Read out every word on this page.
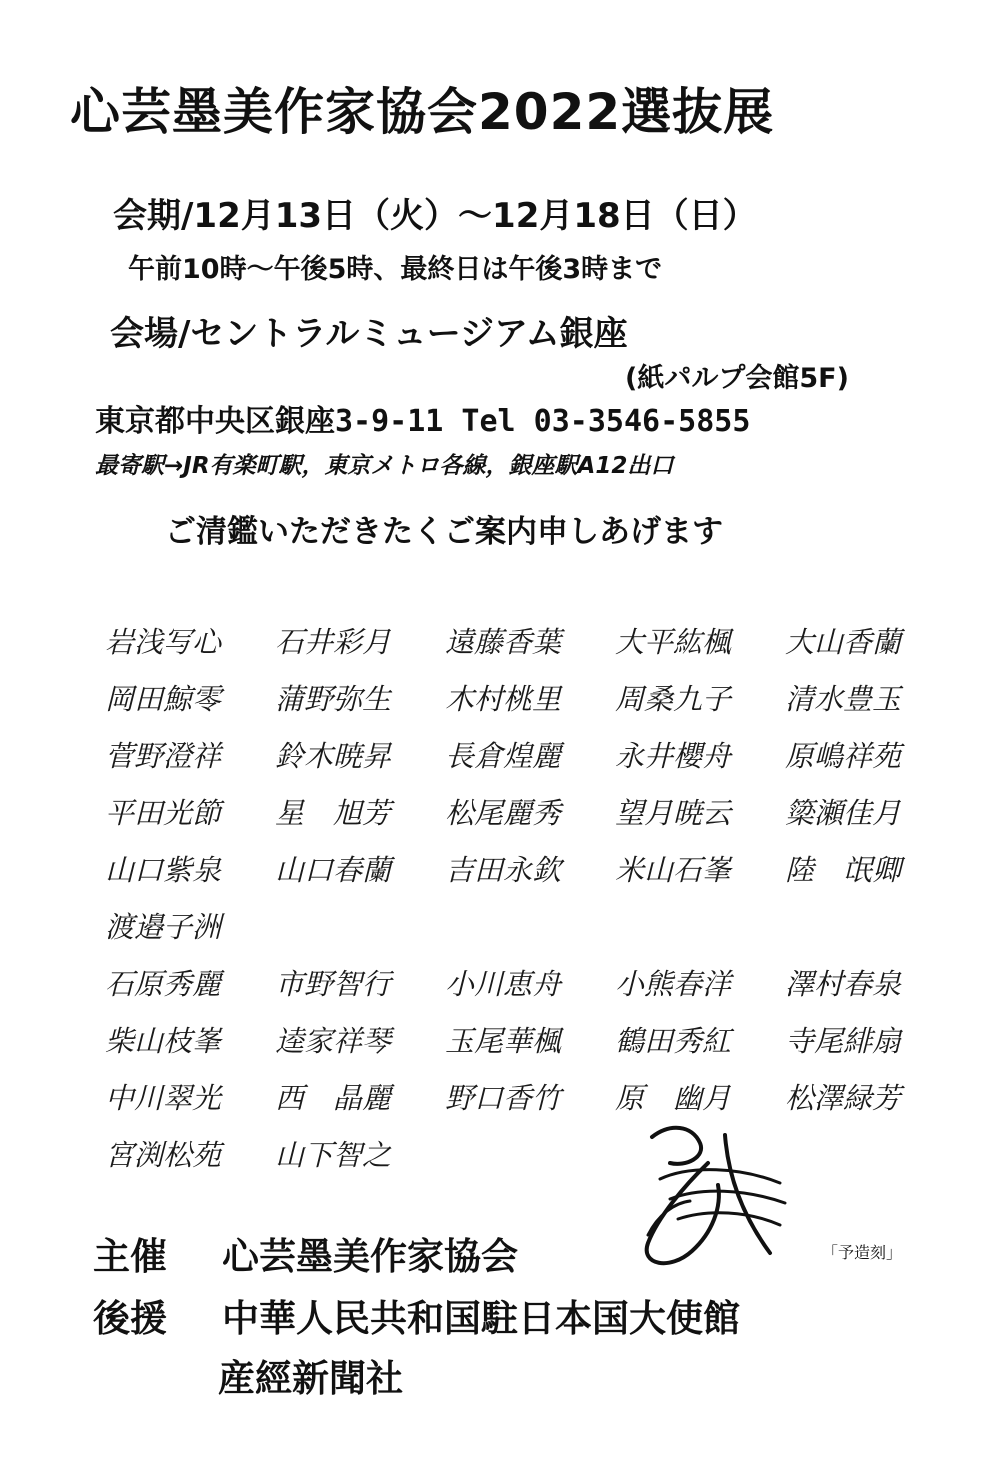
心芸墨美作家協会2022選抜展
会期/12月13日（火）～12月18日（日）
午前10時～午後5時、最終日は午後3時まで
会場/セントラルミュージアム銀座
(紙パルプ会館5F)
東京都中央区銀座3-9-11 Tel 03-3546-5855
最寄駅→JR有楽町駅，東京メトロ各線，銀座駅A12出口
ご清鑑いただきたくご案内申しあげます
岩浅写心	石井彩月	遠藤香葉	大平紘楓	大山香蘭
岡田鯨零	蒲野弥生	木村桃里	周桑九子	清水豊玉
菅野澄祥	鈴木暁昇	長倉煌麗	永井櫻舟	原嶋祥苑
平田光節	星　旭芳	松尾麗秀	望月暁云	簗瀬佳月
山口紫泉	山口春蘭	吉田永欽	米山石峯	陸　氓卿
渡邉子洲
石原秀麗	市野智行	小川恵舟	小熊春洋	澤村春泉
柴山枝峯	逵家祥琴	玉尾華楓	鶴田秀紅	寺尾緋扇
中川翠光	西　晶麗	野口香竹	原　幽月	松澤緑芳
宮渕松苑	山下智之
「予造刻」
主催 心芸墨美作家協会
後援 中華人民共和国駐日本国大使館
産經新聞社
